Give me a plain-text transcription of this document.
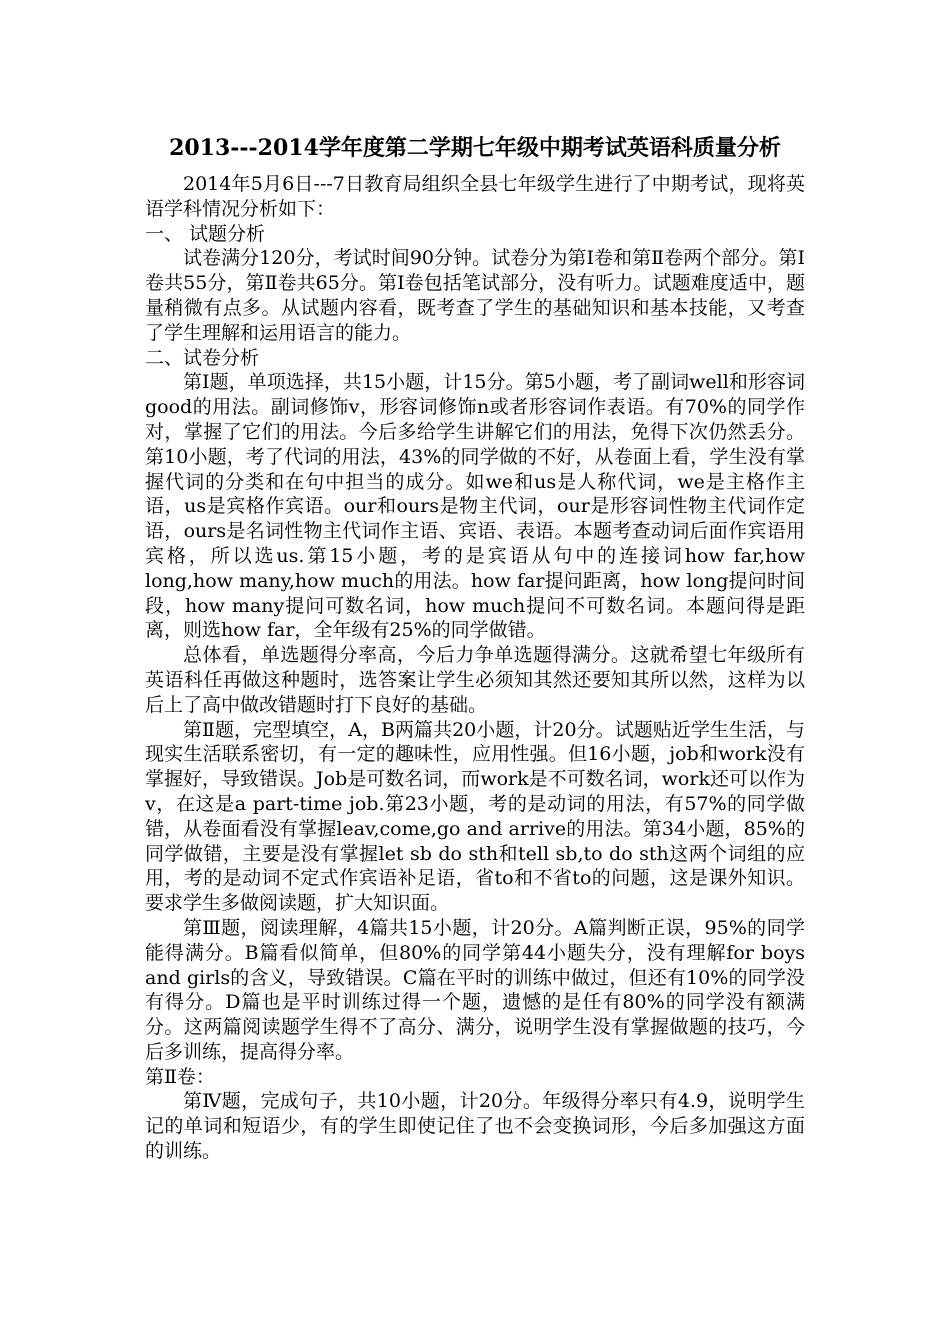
2013---2014学年度第二学期七年级中期考试英语科质量分析

2014年5月6日---7日教育局组织全县七年级学生进行了中期考试，现将英语学科情况分析如下：

一、 试题分析

试卷满分120分，考试时间90分钟。试卷分为第Ⅰ卷和第Ⅱ卷两个部分。第Ⅰ卷共55分，第Ⅱ卷共65分。第Ⅰ卷包括笔试部分，没有听力。试题难度适中，题量稍微有点多。从试题内容看，既考查了学生的基础知识和基本技能，又考查了学生理解和运用语言的能力。

二、试卷分析

第Ⅰ题，单项选择，共15小题，计15分。第5小题，考了副词well和形容词good的用法。副词修饰v，形容词修饰n或者形容词作表语。有70%的同学作对，掌握了它们的用法。今后多给学生讲解它们的用法，免得下次仍然丢分。第10小题，考了代词的用法，43%的同学做的不好，从卷面上看，学生没有掌握代词的分类和在句中担当的成分。如we和us是人称代词，we是主格作主语，us是宾格作宾语。our和ours是物主代词，our是形容词性物主代词作定语，ours是名词性物主代词作主语、宾语、表语。本题考查动词后面作宾语用宾格，所以选us.第15小题，考的是宾语从句中的连接词how far,how long,how many,how much的用法。how far提问距离，how long提问时间段，how many提问可数名词，how much提问不可数名词。本题问得是距离，则选how far，全年级有25%的同学做错。

总体看，单选题得分率高，今后力争单选题得满分。这就希望七年级所有英语科任再做这种题时，选答案让学生必须知其然还要知其所以然，这样为以后上了高中做改错题时打下良好的基础。

第Ⅱ题，完型填空，A，B两篇共20小题，计20分。试题贴近学生生活，与现实生活联系密切，有一定的趣味性，应用性强。但16小题，job和work没有掌握好，导致错误。Job是可数名词，而work是不可数名词，work还可以作为v，在这是a part-time job.第23小题，考的是动词的用法，有57%的同学做错，从卷面看没有掌握leav,come,go and arrive的用法。第34小题，85%的同学做错，主要是没有掌握let sb do sth和tell sb,to do sth这两个词组的应用，考的是动词不定式作宾语补足语，省to和不省to的问题，这是课外知识。要求学生多做阅读题，扩大知识面。

第Ⅲ题，阅读理解，4篇共15小题，计20分。A篇判断正误，95%的同学能得满分。B篇看似简单，但80%的同学第44小题失分，没有理解for boys and girls的含义，导致错误。C篇在平时的训练中做过，但还有10%的同学没有得分。D篇也是平时训练过得一个题，遗憾的是任有80%的同学没有额满分。这两篇阅读题学生得不了高分、满分，说明学生没有掌握做题的技巧，今后多训练，提高得分率。

第Ⅱ卷：

第Ⅳ题，完成句子，共10小题，计20分。年级得分率只有4.9，说明学生记的单词和短语少，有的学生即使记住了也不会变换词形，今后多加强这方面的训练。
